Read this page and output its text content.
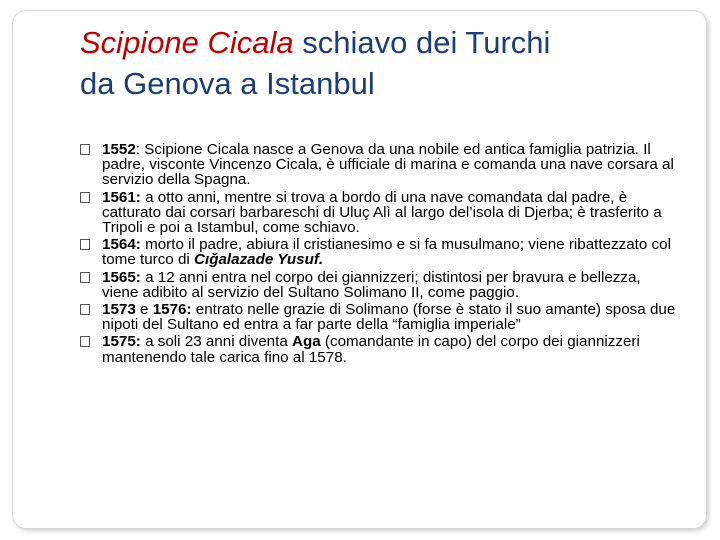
Scipione Cicala schiavo dei Turchi
da Genova a Istanbul
1552: Scipione Cicala nasce a Genova da una nobile ed antica famiglia patrizia. Il padre, visconte Vincenzo Cicala, è ufficiale di marina e comanda una nave corsara al servizio della Spagna.
1561: a otto anni, mentre si trova a bordo di una nave comandata dal padre, è catturato dai corsari barbareschi di Uluç Alì al largo del’isola di Djerba; è trasferito a Tripoli e poi a Istambul, come schiavo.
1564: morto il padre, abiura il cristianesimo e si fa musulmano; viene ribattezzato col tome turco di Cıǧalazade Yusuf.
1565: a 12 anni entra nel corpo dei giannizzeri; distintosi per bravura e bellezza, viene adibito al servizio del Sultano Solimano II, come paggio.
1573 e 1576: entrato nelle grazie di Solimano (forse è stato il suo amante) sposa due nipoti del Sultano ed entra a far parte della “famiglia imperiale”
1575: a soli 23 anni diventa Aga (comandante in capo) del corpo dei giannizzeri mantenendo tale carica fino al 1578.
